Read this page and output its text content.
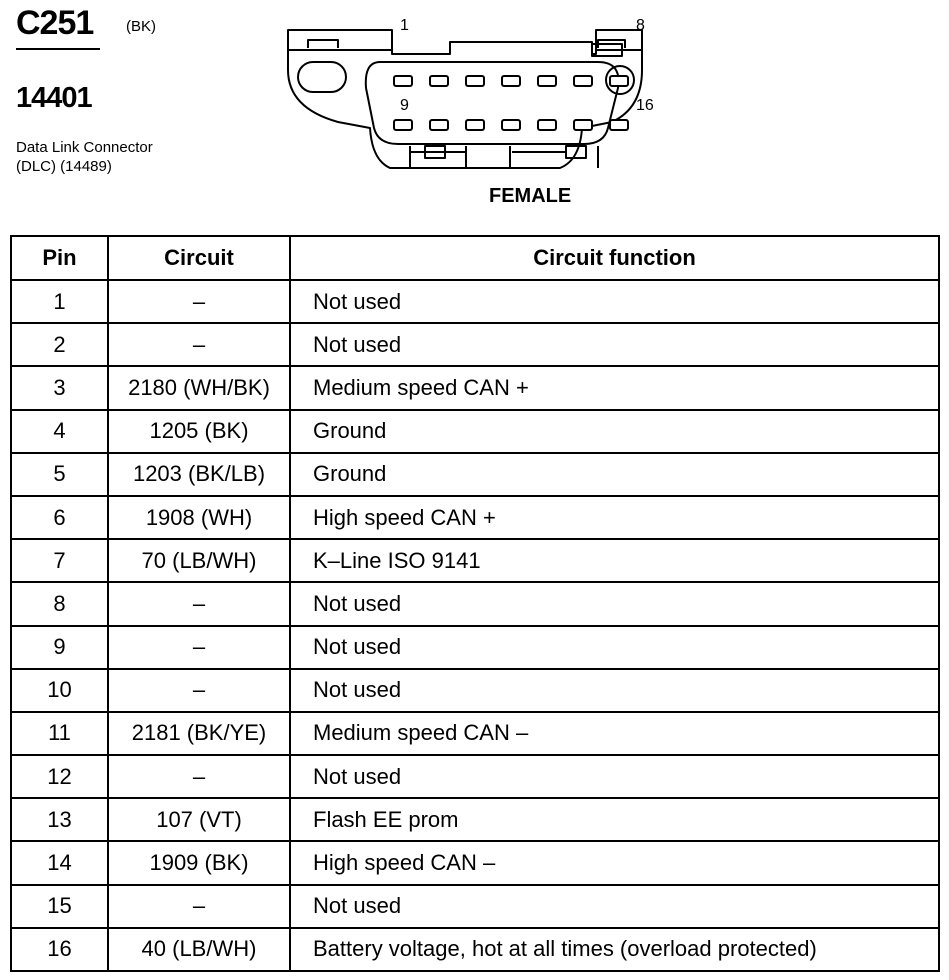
C251 (BK)
14401
Data Link Connector
(DLC) (14489)
1	8
9	16
FEMALE
Pin	Circuit	Circuit function
1	–	Not used
2	–	Not used
3	2180 (WH/BK)	Medium speed CAN +
4	1205 (BK)	Ground
5	1203 (BK/LB)	Ground
6	1908 (WH)	High speed CAN +
7	70 (LB/WH)	K–Line ISO 9141
8	–	Not used
9	–	Not used
10	–	Not used
11	2181 (BK/YE)	Medium speed CAN –
12	–	Not used
13	107 (VT)	Flash EE prom
14	1909 (BK)	High speed CAN –
15	–	Not used
16	40 (LB/WH)	Battery voltage, hot at all times (overload protected)
